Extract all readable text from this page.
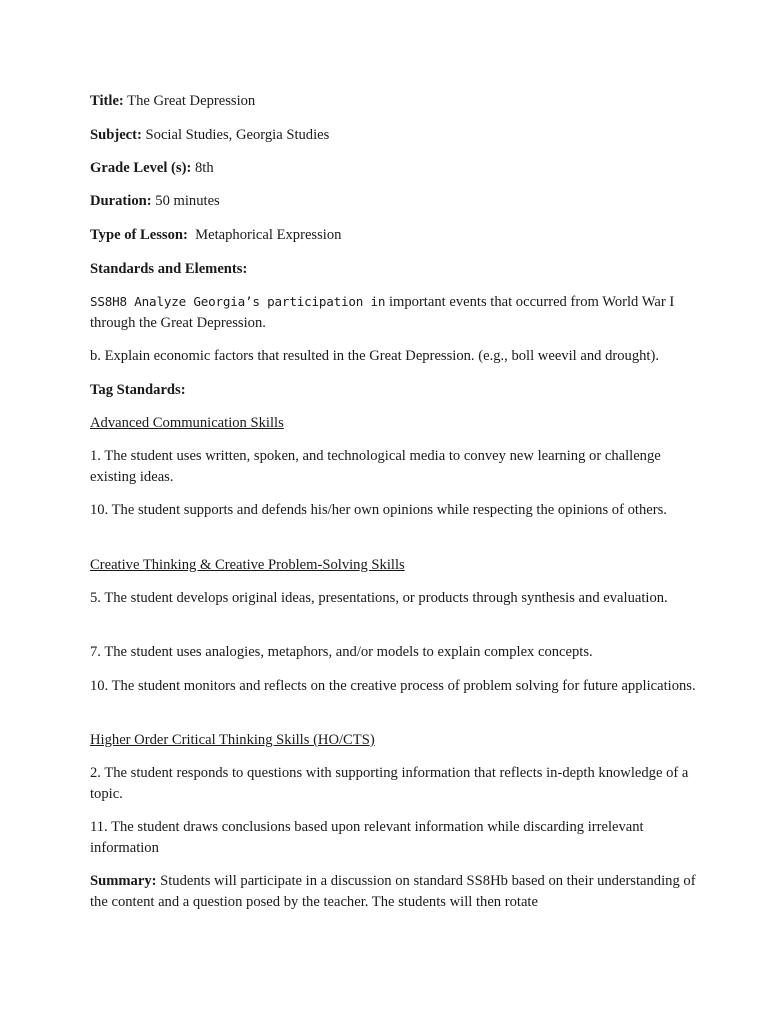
Title: The Great Depression

Subject: Social Studies, Georgia Studies

Grade Level (s): 8th

Duration: 50 minutes

Type of Lesson:  Metaphorical Expression

Standards and Elements:

SS8H8 Analyze Georgia’s participation in important events that occurred from World War I through the Great Depression.

b. Explain economic factors that resulted in the Great Depression. (e.g., boll weevil and drought).

Tag Standards:

Advanced Communication Skills

1. The student uses written, spoken, and technological media to convey new learning or challenge existing ideas.

10. The student supports and defends his/her own opinions while respecting the opinions of others.

Creative Thinking & Creative Problem-Solving Skills

5. The student develops original ideas, presentations, or products through synthesis and evaluation.

7. The student uses analogies, metaphors, and/or models to explain complex concepts.

10. The student monitors and reflects on the creative process of problem solving for future applications.

Higher Order Critical Thinking Skills (HO/CTS)

2. The student responds to questions with supporting information that reflects in-depth knowledge of a topic.

11. The student draws conclusions based upon relevant information while discarding irrelevant information

Summary: Students will participate in a discussion on standard SS8Hb based on their understanding of the content and a question posed by the teacher. The students will then rotate
